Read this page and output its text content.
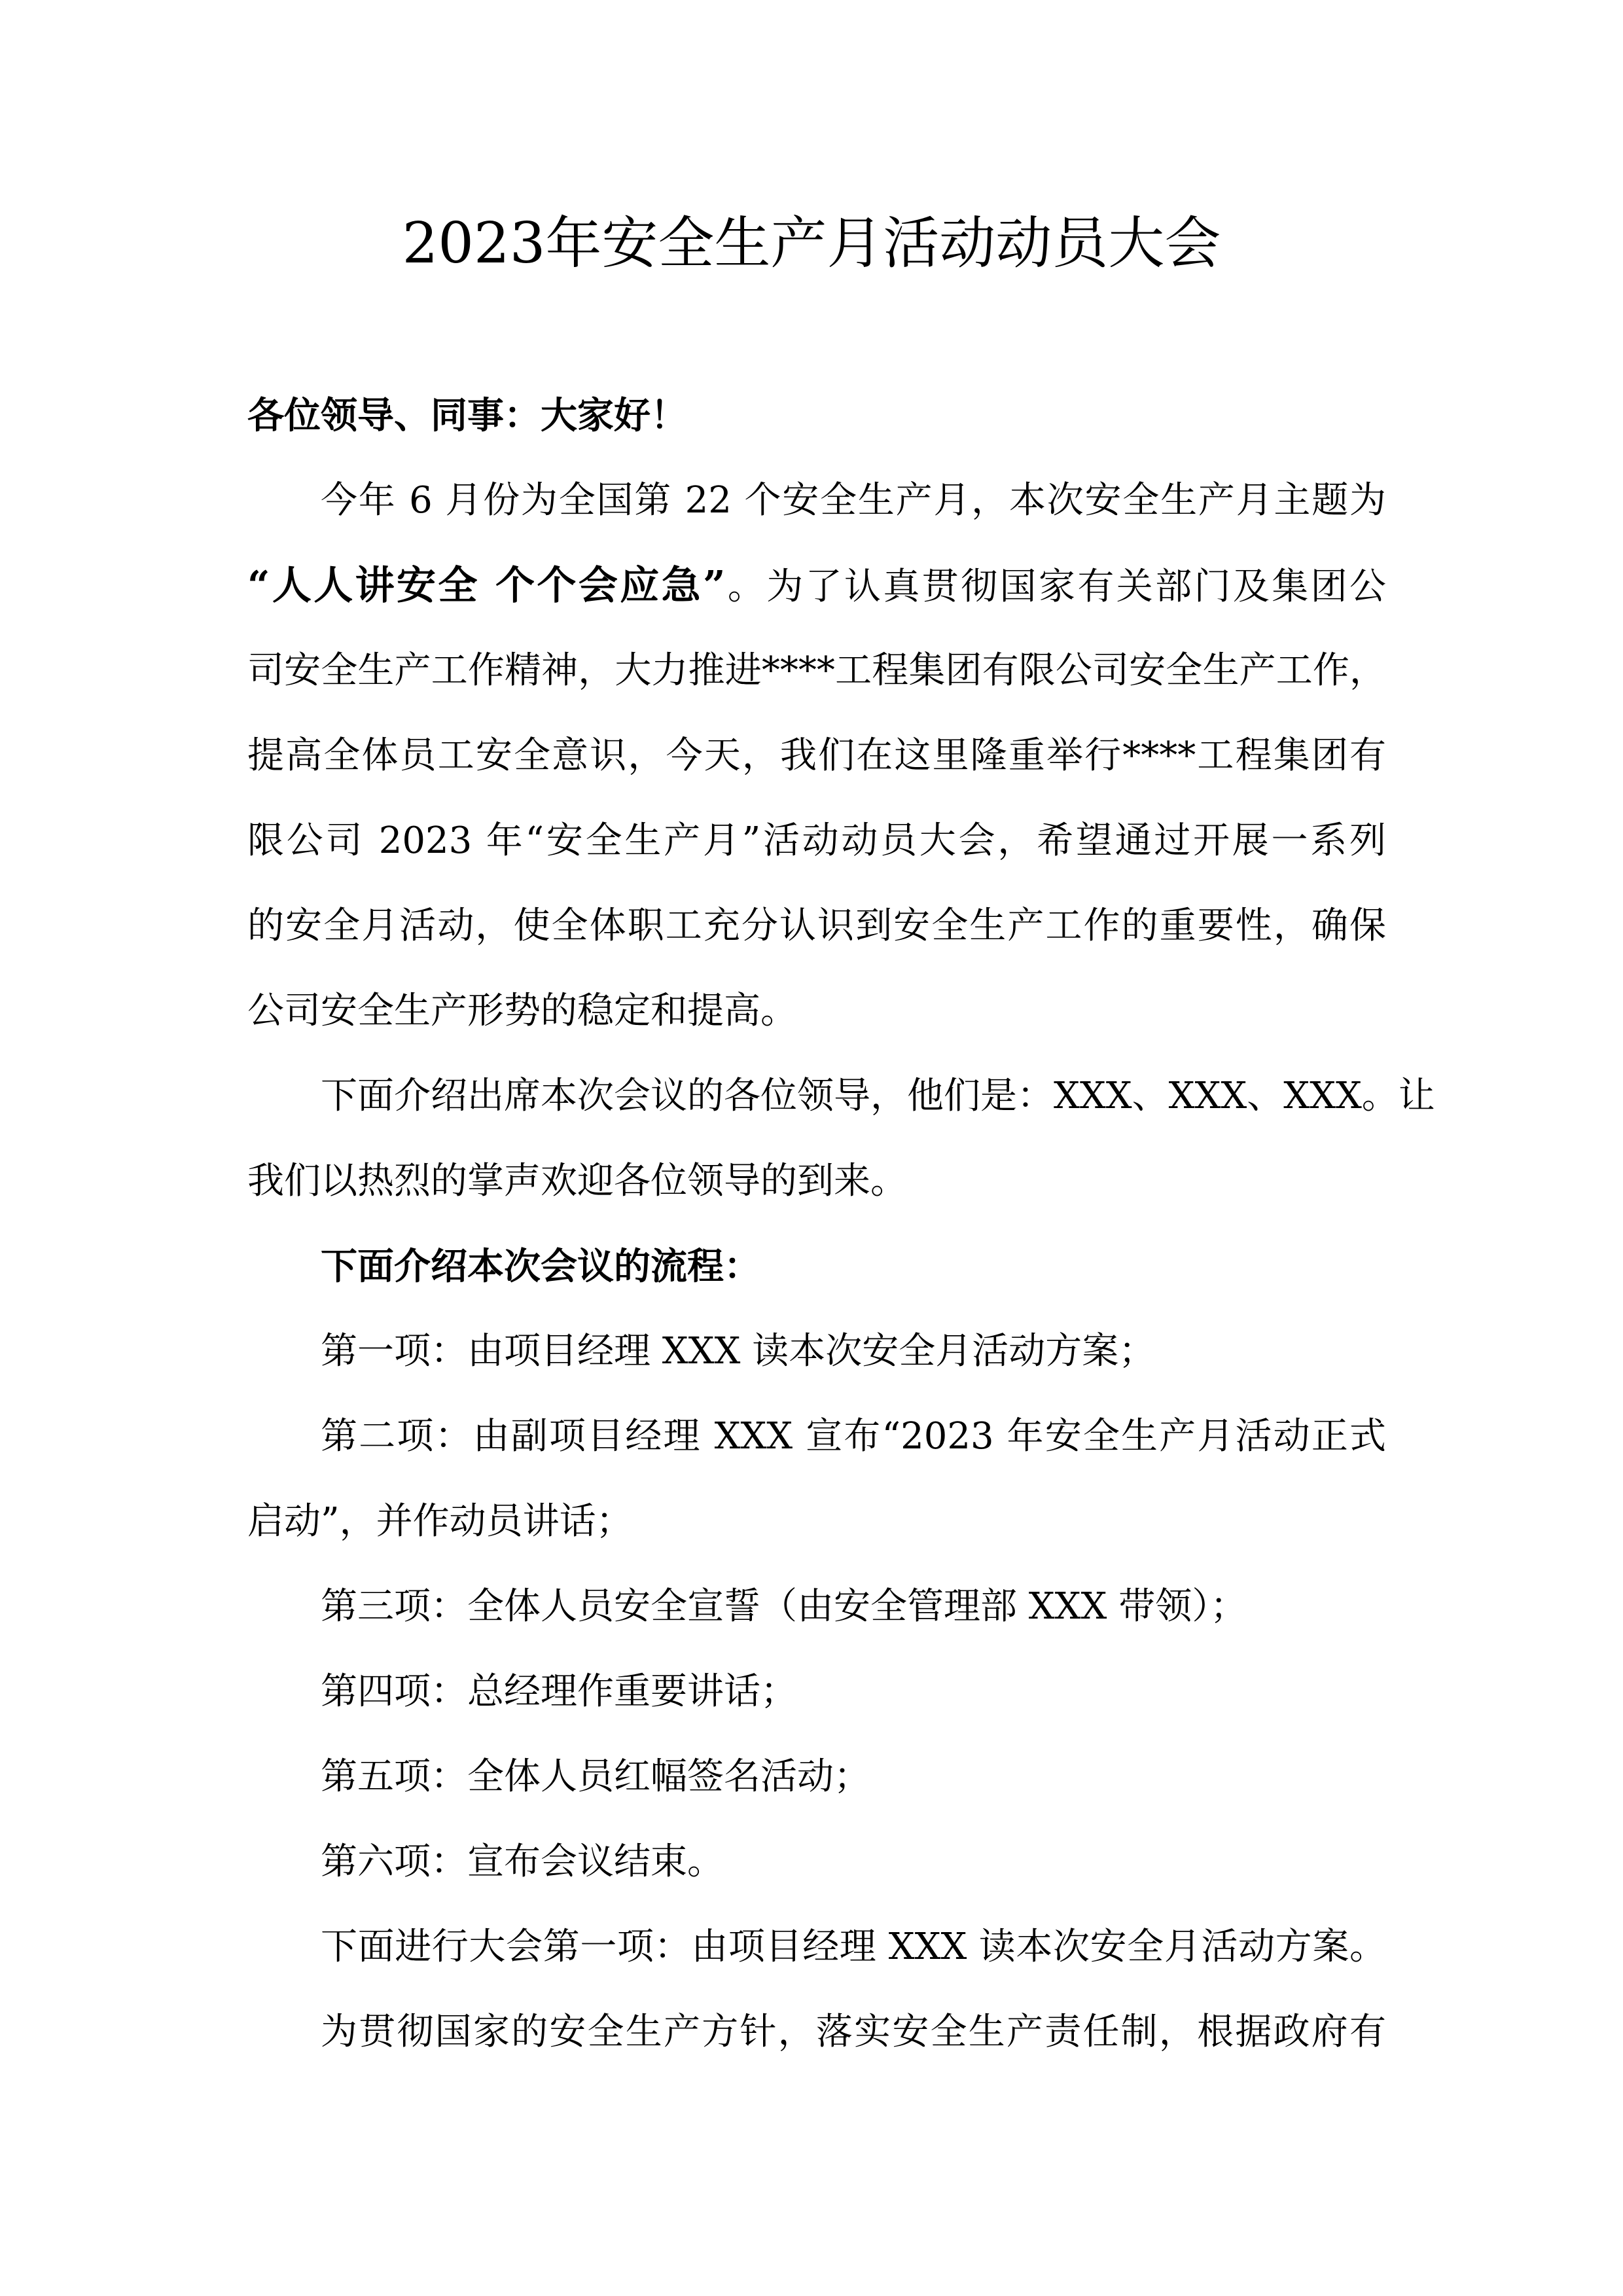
2023年安全生产月活动动员大会

各位领导、同事：大家好！

今年 6 月份为全国第 22 个安全生产月，本次安全生产月主题为

“人人讲安全 个个会应急”。为了认真贯彻国家有关部门及集团公

司安全生产工作精神，大力推进****工程集团有限公司安全生产工作，

提高全体员工安全意识，今天，我们在这里隆重举行****工程集团有

限公司 2023 年“安全生产月”活动动员大会，希望通过开展一系列

的安全月活动，使全体职工充分认识到安全生产工作的重要性，确保

公司安全生产形势的稳定和提高。

下面介绍出席本次会议的各位领导，他们是：XXX、XXX、XXX。让

我们以热烈的掌声欢迎各位领导的到来。

下面介绍本次会议的流程：

第一项：由项目经理 XXX 读本次安全月活动方案；

第二项：由副项目经理 XXX 宣布“2023 年安全生产月活动正式

启动”，并作动员讲话；

第三项：全体人员安全宣誓（由安全管理部 XXX 带领）；

第四项：总经理作重要讲话；

第五项：全体人员红幅签名活动；

第六项：宣布会议结束。

下面进行大会第一项：由项目经理 XXX 读本次安全月活动方案。

为贯彻国家的安全生产方针，落实安全生产责任制，根据政府有
